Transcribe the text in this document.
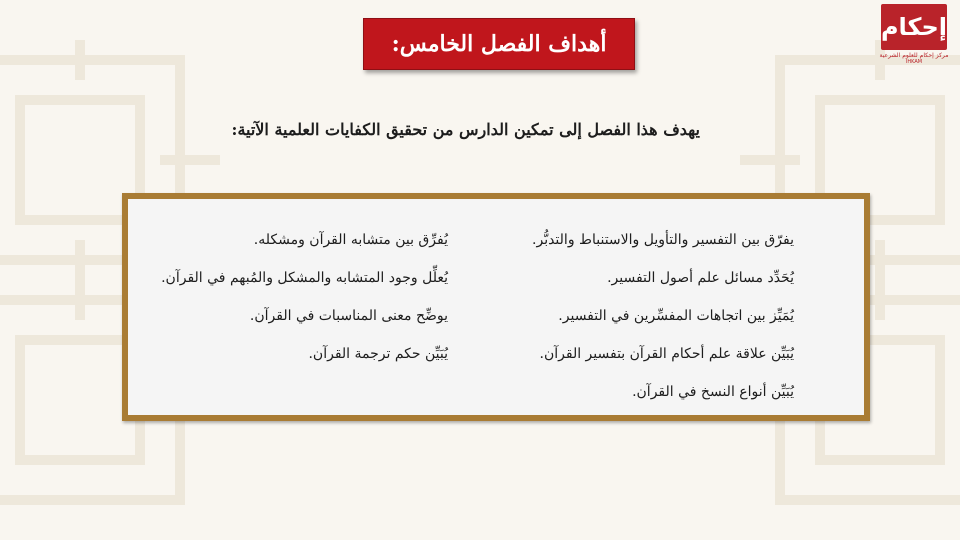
إحكام
مركز إحكام للعلوم الشرعية
IHKAM
أهداف الفصل الخامس:
يهدف هذا الفصل إلى تمكين الدارس من تحقيق الكفايات العلمية الآتية:
يفرّق بين التفسير والتأويل والاستنباط والتدبُّر.
يُحَدِّد مسائل علم أصول التفسير.
يُمَيِّز بين اتجاهات المفسِّرين في التفسير.
يُبَيِّن علاقة علم أحكام القرآن بتفسير القرآن.
يُبَيِّن أنواع النسخ في القرآن.
يُفرِّق بين متشابه القرآن ومشكله.
يُعلِّل وجود المتشابه والمشكل والمُبهم في القرآن.
يوضِّح معنى المناسبات في القرآن.
يُبَيِّن حكم ترجمة القرآن.
